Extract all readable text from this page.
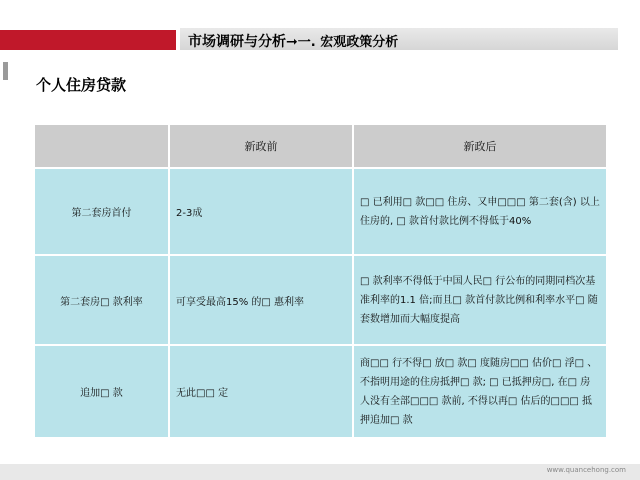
市场调研与分析➞一. 宏观政策分析
个人住房贷款
	新政前	新政后
第二套房首付	2-3成	□ 已利用□ 款□□ 住房、又申□□□ 第二套(含) 以上住房的, □ 款首付款比例不得低于40%
第二套房□ 款利率	可享受最高15% 的□ 惠利率	□ 款利率不得低于中国人民□ 行公布的同期同档次基准利率的1.1 倍;而且□ 款首付款比例和利率水平□ 随套数增加而大幅度提高
追加□ 款	无此□□ 定	商□□ 行不得□ 放□ 款□ 度随房□□ 估价□ 浮□ 、不指明用途的住房抵押□ 款; □ 已抵押房□, 在□ 房人没有全部□□□ 款前, 不得以再□ 估后的□□□ 抵押追加□ 款
www.quancehong.com
